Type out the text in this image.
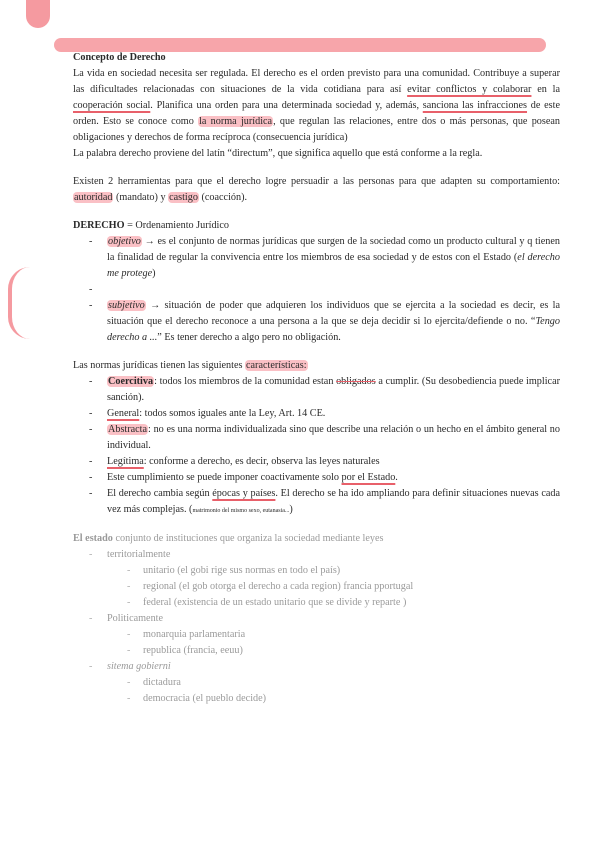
Concepto de Derecho

La vida en sociedad necesita ser regulada. El derecho es el orden previsto para una comunidad. Contribuye a superar las dificultades relacionadas con situaciones de la vida cotidiana para así evitar conflictos y colaborar en la cooperación social. Planifica una orden para una determinada sociedad y, además, sanciona las infracciones de este orden. Esto se conoce como la norma jurídica, que regulan las relaciones, entre dos o más personas, que posean obligaciones y derechos de forma recíproca (consecuencia jurídica)

La palabra derecho proviene del latín “directum”, que significa aquello que está conforme a la regla.

Existen 2 herramientas para que el derecho logre persuadir a las personas para que adapten su comportamiento: autoridad (mandato) y castigo (coacción).

DERECHO = Ordenamiento Jurídico

- objetivo → es el conjunto de normas jurídicas que surgen de la sociedad como un producto cultural y q tienen la finalidad de regular la convivencia entre los miembros de esa sociedad y de estos con el Estado (el derecho me protege)
-
- subjetivo → situación de poder que adquieren los individuos que se ejercita a la sociedad es decir, es la situación que el derecho reconoce a una persona a la que se deja decidir si lo ejercita/defiende o no. “Tengo derecho a ...” Es tener derecho a algo pero no obligación.

Las normas jurídicas tienen las siguientes características:

- Coercitiva: todos los miembros de la comunidad estan obligados a cumplir. (Su desobediencia puede implicar sanción).
- General: todos somos iguales ante la Ley, Art. 14 CE.
- Abstracta: no es una norma individualizada sino que describe una relación o un hecho en el ámbito general no individual.
- Legítima: conforme a derecho, es decir, observa las leyes naturales
- Este cumplimiento se puede imponer coactivamente solo por el Estado.
- El derecho cambia según épocas y países. El derecho se ha ido ampliando para definir situaciones nuevas cada vez más complejas. (matrimonio del mismo sexo, eutanasia...)

El estado conjunto de instituciones que organiza la sociedad mediante leyes

- territorialmente
- unitario (el gobi rige sus normas en todo el país)
- regional (el gob otorga el derecho a cada region) francia pportugal
- federal (existencia de un estado unitario que se divide y reparte )
- Politicamente
- monarquia parlamentaria
- republica (francia, eeuu)
- sitema gobierni
- dictadura
- democracia (el pueblo decide)
